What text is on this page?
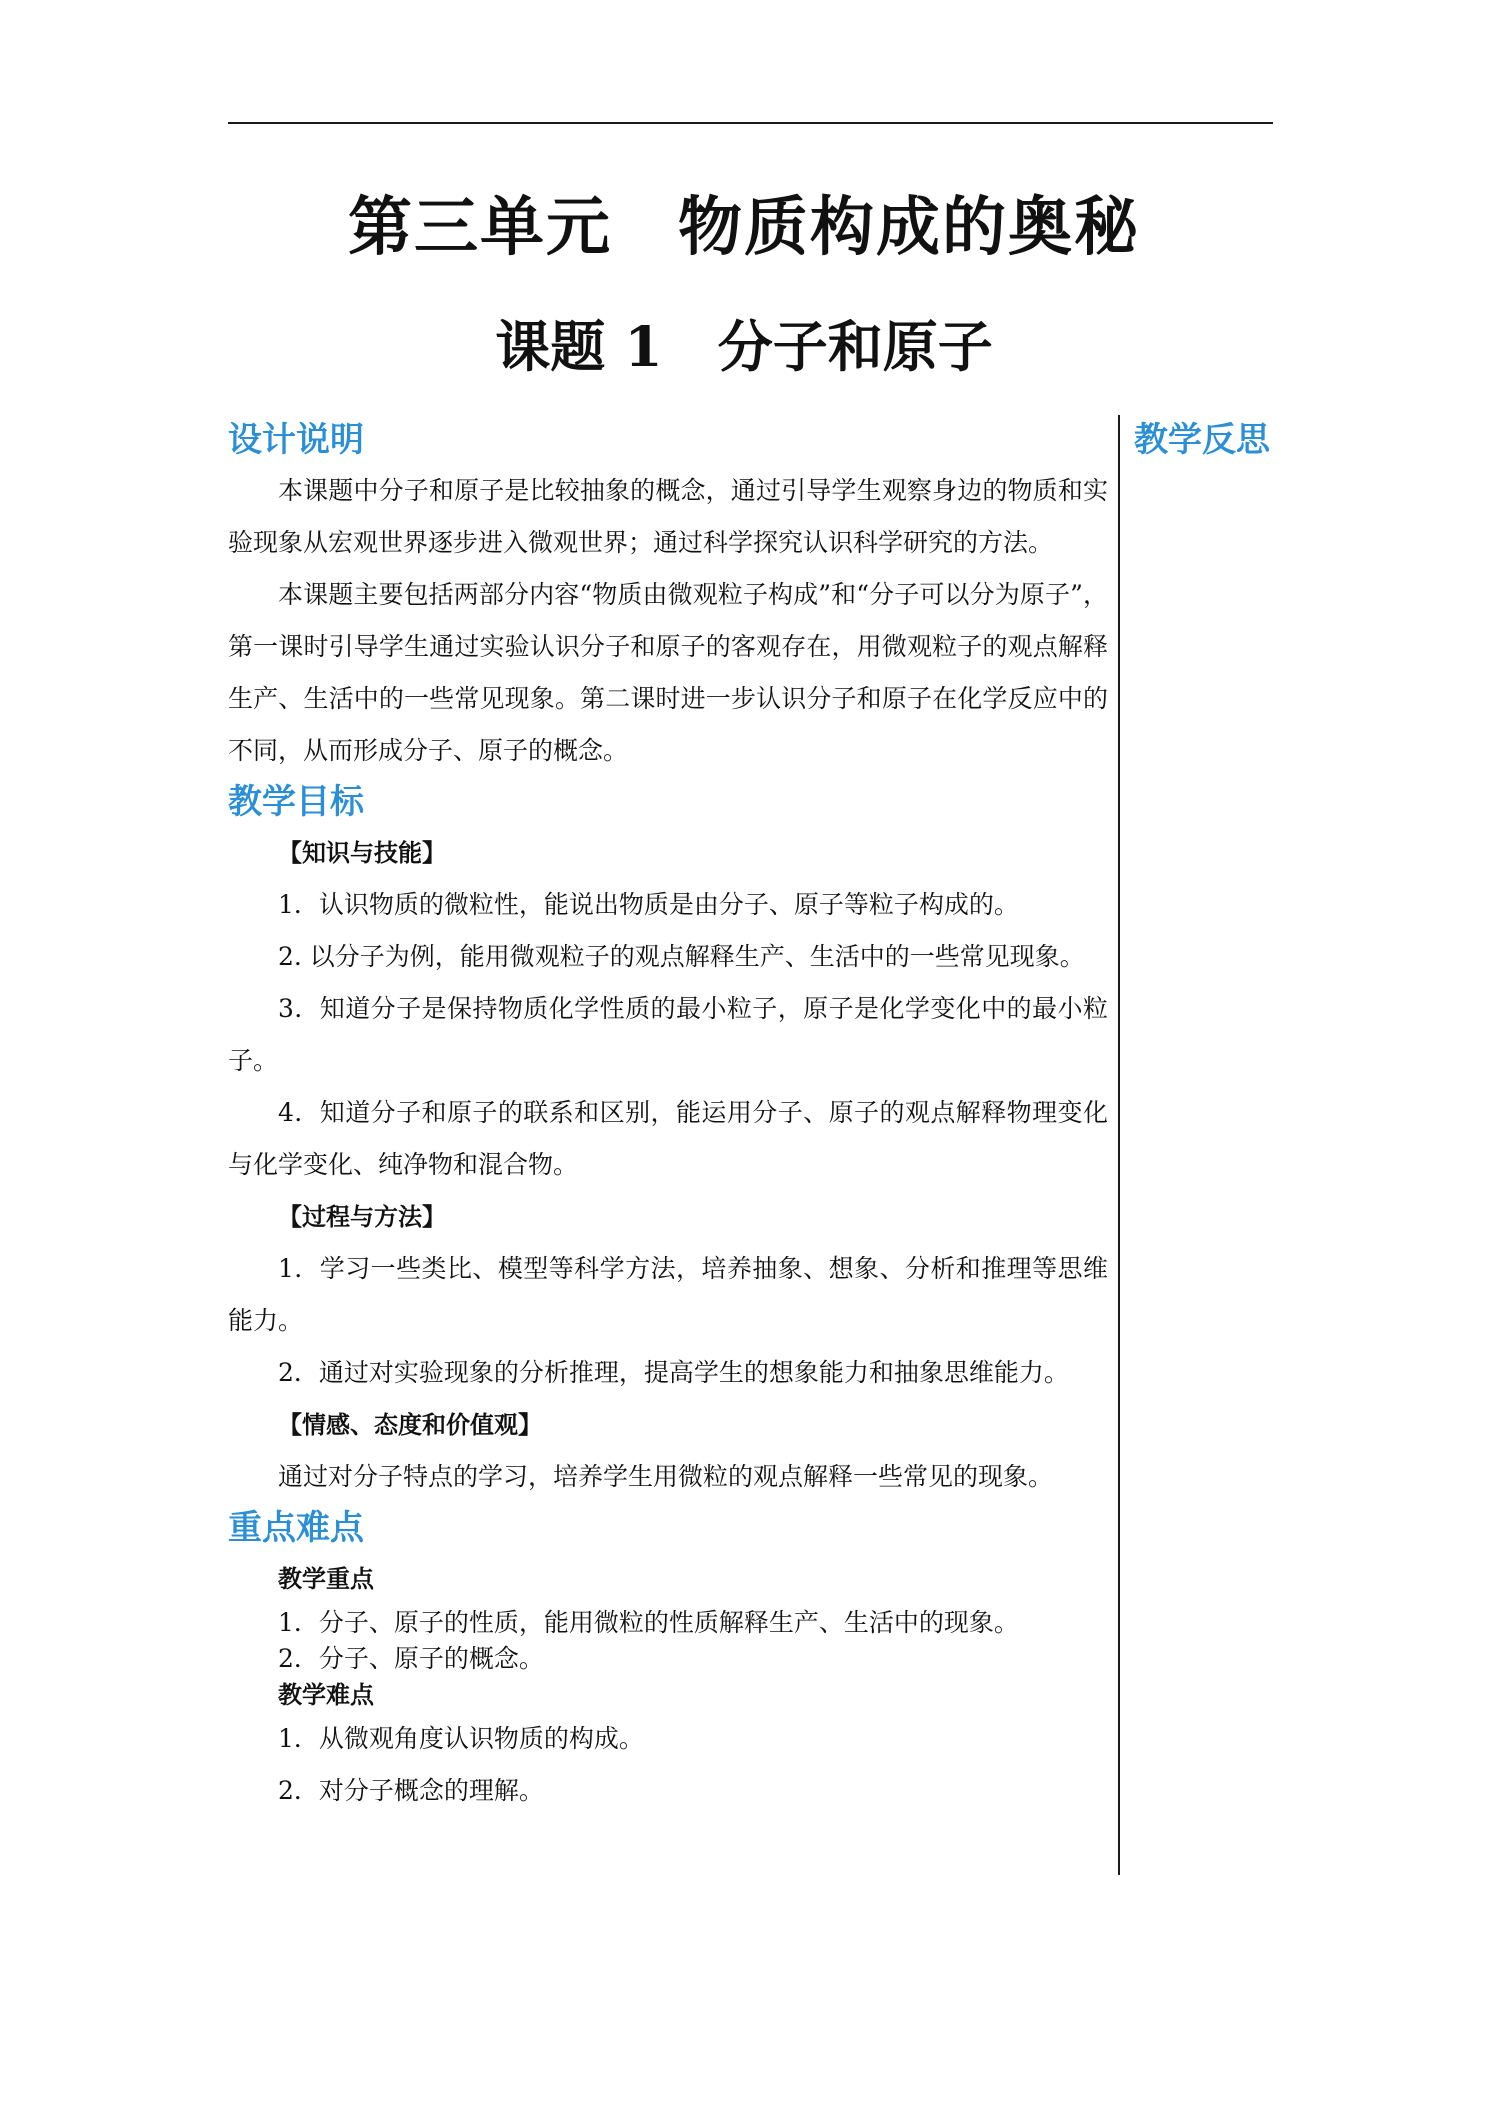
第三单元　物质构成的奥秘
课题 1　分子和原子
教学反思
设计说明

本课题中分子和原子是比较抽象的概念，通过引导学生观察身边的物质和实验现象从宏观世界逐步进入微观世界；通过科学探究认识科学研究的方法。

本课题主要包括两部分内容“物质由微观粒子构成”和“分子可以分为原子”，第一课时引导学生通过实验认识分子和原子的客观存在，用微观粒子的观点解释生产、生活中的一些常见现象。第二课时进一步认识分子和原子在化学反应中的不同，从而形成分子、原子的概念。

教学目标

【知识与技能】

1．认识物质的微粒性，能说出物质是由分子、原子等粒子构成的。

2. 以分子为例，能用微观粒子的观点解释生产、生活中的一些常见现象。

3．知道分子是保持物质化学性质的最小粒子，原子是化学变化中的最小粒子。

4．知道分子和原子的联系和区别，能运用分子、原子的观点解释物理变化与化学变化、纯净物和混合物。

【过程与方法】

1．学习一些类比、模型等科学方法，培养抽象、想象、分析和推理等思维能力。

2．通过对实验现象的分析推理，提高学生的想象能力和抽象思维能力。

【情感、态度和价值观】

通过对分子特点的学习，培养学生用微粒的观点解释一些常见的现象。

重点难点

教学重点

1．分子、原子的性质，能用微粒的性质解释生产、生活中的现象。

2．分子、原子的概念。

教学难点

1．从微观角度认识物质的构成。

2．对分子概念的理解。
